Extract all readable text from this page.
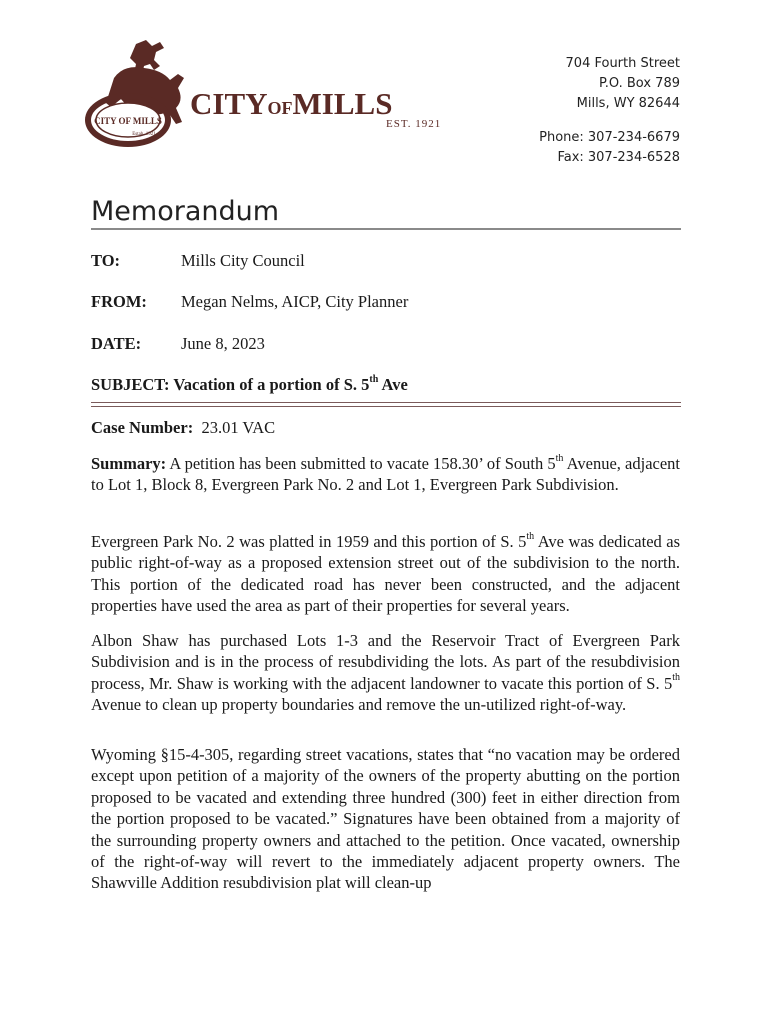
CITY OF MILLS
Estab. 1921
CITYOFMILLS
EST. 1921
704 Fourth Street
P.O. Box 789
Mills, WY 82644
Phone: 307-234-6679
Fax: 307-234-6528
Memorandum
TO:	Mills City Council
FROM: Megan Nelms, AICP, City Planner
DATE: June 8, 2023
SUBJECT: Vacation of a portion of S. 5th Ave
Case Number: 23.01 VAC
Summary: A petition has been submitted to vacate 158.30’ of South 5th Avenue, adjacent to Lot 1, Block 8, Evergreen Park No. 2 and Lot 1, Evergreen Park Subdivision.
Evergreen Park No. 2 was platted in 1959 and this portion of S. 5th Ave was dedicated as public right-of-way as a proposed extension street out of the subdivision to the north. This portion of the dedicated road has never been constructed, and the adjacent properties have used the area as part of their properties for several years.
Albon Shaw has purchased Lots 1-3 and the Reservoir Tract of Evergreen Park Subdivision and is in the process of resubdividing the lots. As part of the resubdivision process, Mr. Shaw is working with the adjacent landowner to vacate this portion of S. 5th Avenue to clean up property boundaries and remove the un-utilized right-of-way.
Wyoming §15-4-305, regarding street vacations, states that “no vacation may be ordered except upon petition of a majority of the owners of the property abutting on the portion proposed to be vacated and extending three hundred (300) feet in either direction from the portion proposed to be vacated.” Signatures have been obtained from a majority of the surrounding property owners and attached to the petition. Once vacated, ownership of the right-of-way will revert to the immediately adjacent property owners. The Shawville Addition resubdivision plat will clean-up
